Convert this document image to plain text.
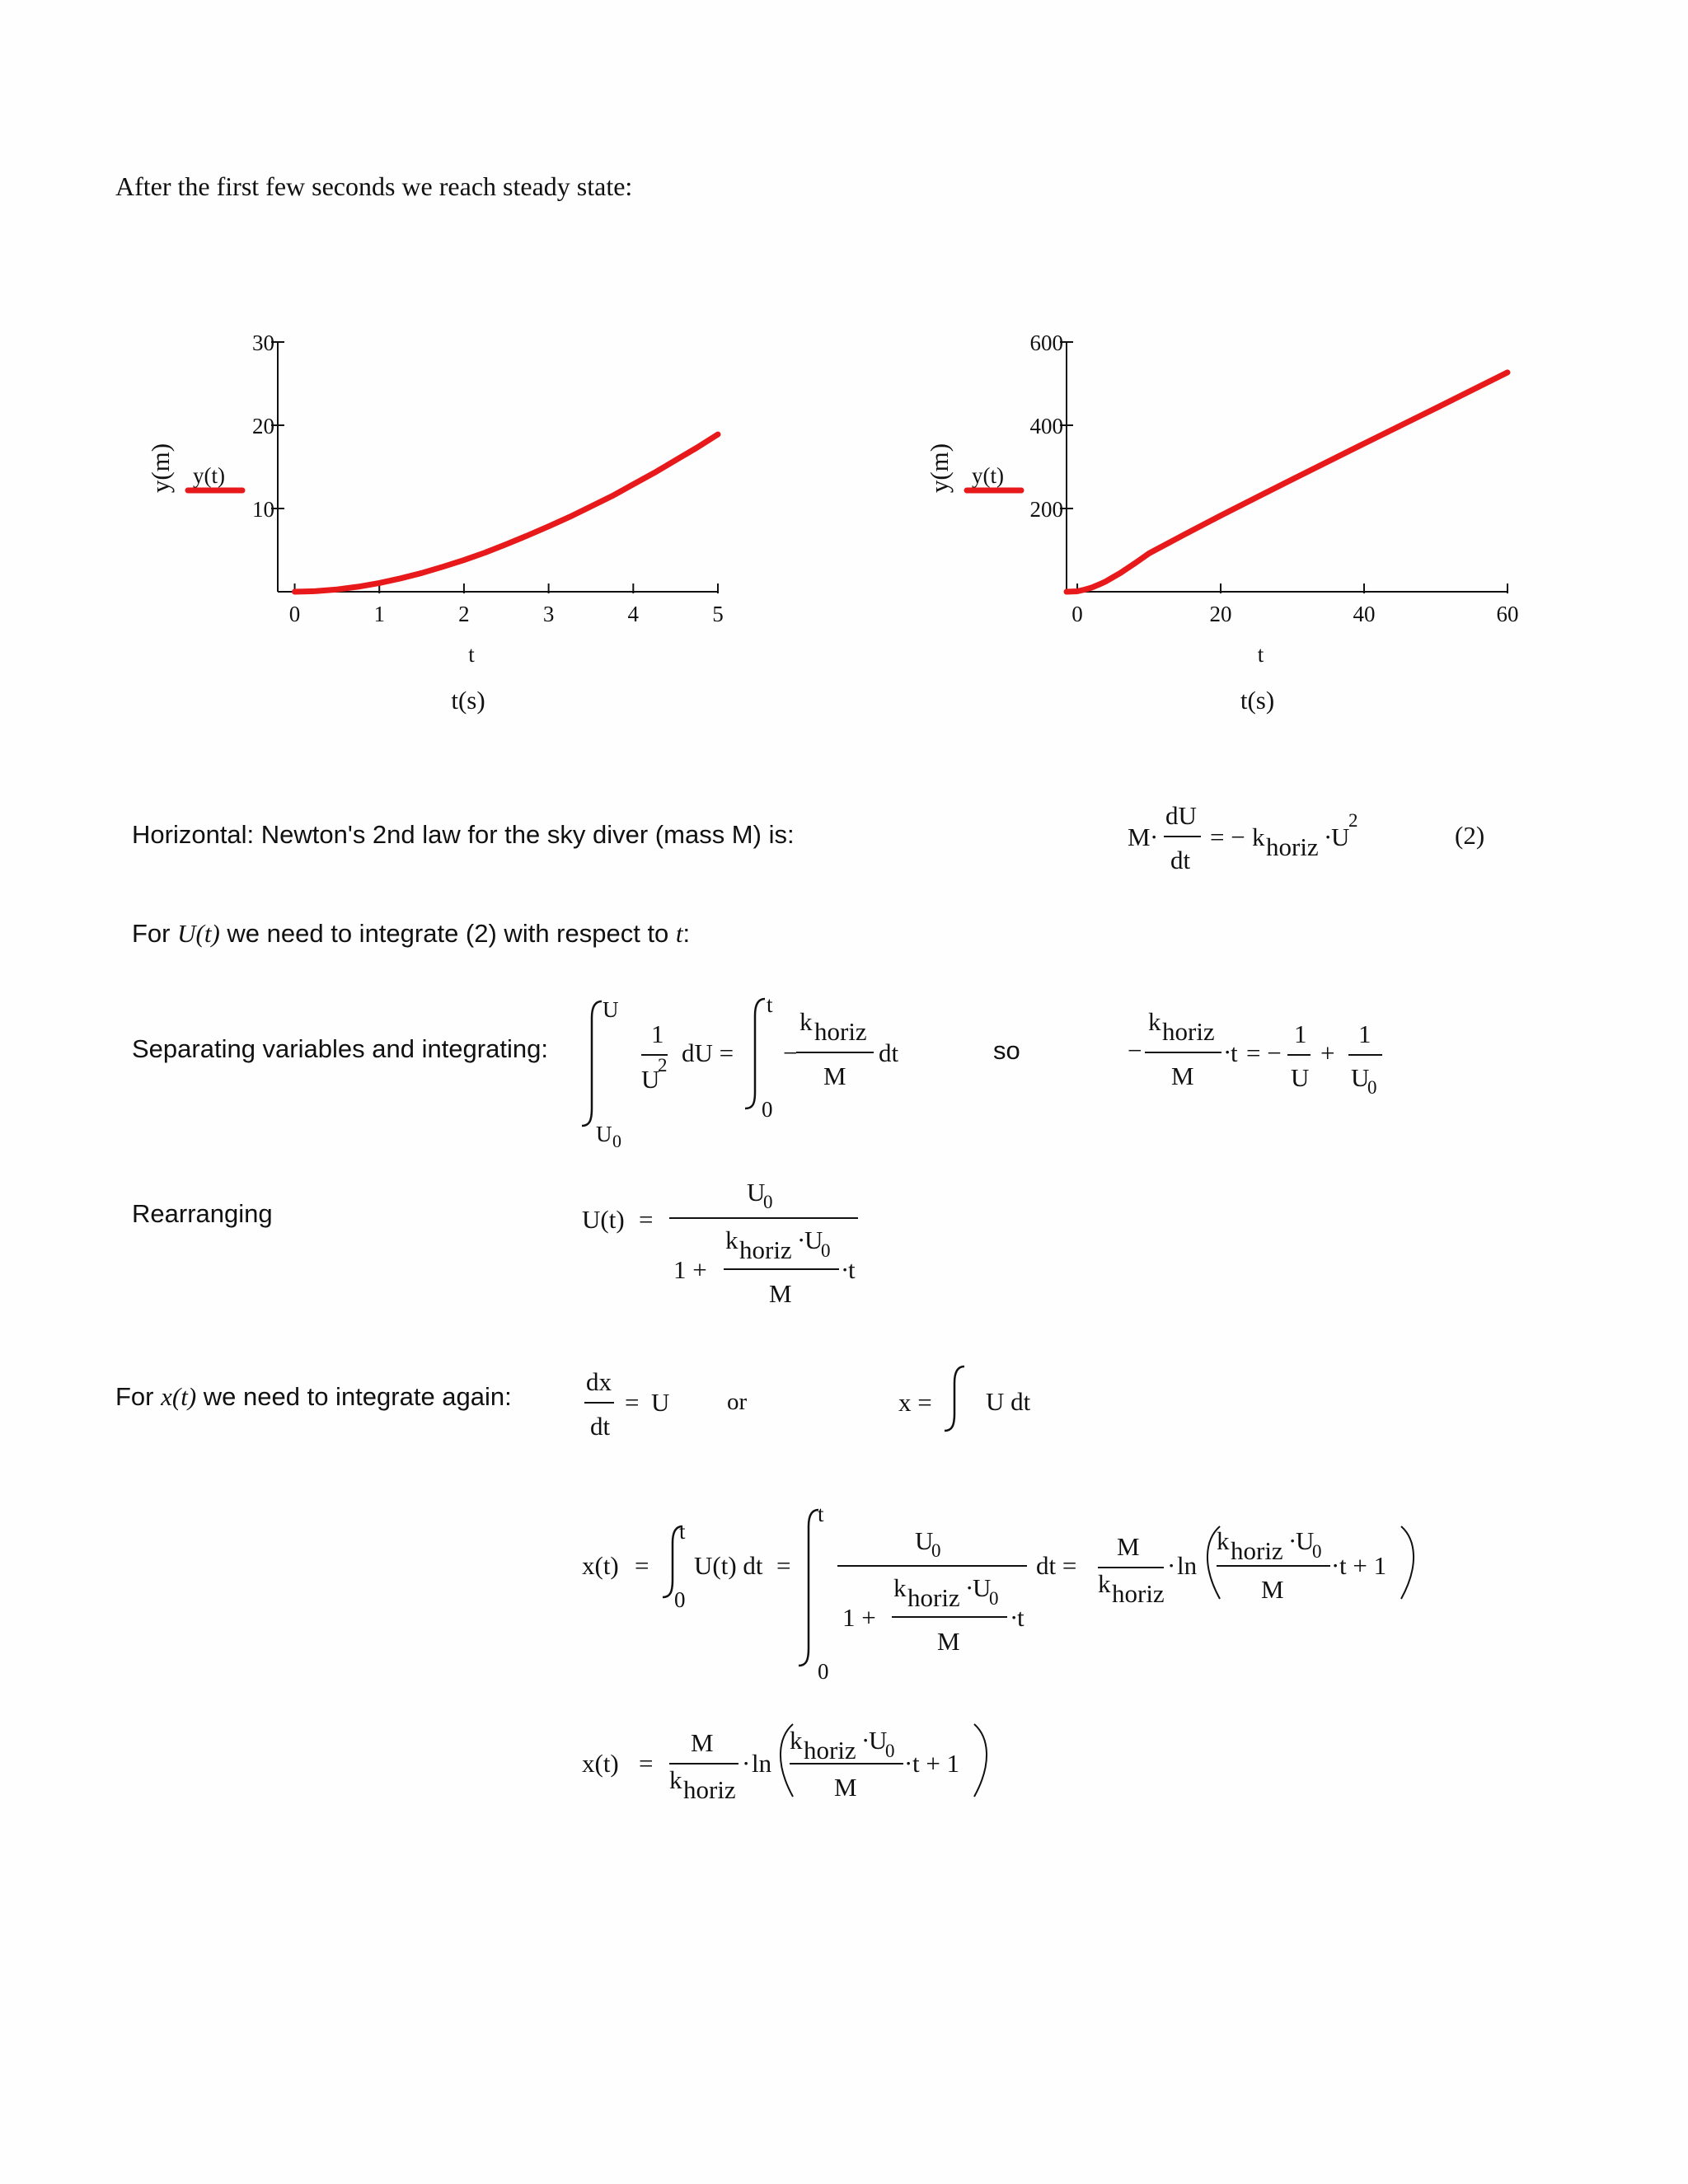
After the first few seconds we reach steady state:
10
20
30
0	1	2	3	4	5
y(t)
y(m)
t
t(s)
200
400
600
0	20	40	60
y(t)
y(m)
t
t(s)
Horizontal: Newton's 2nd law for the sky diver (mass M) is:
For U(t) we need to integrate (2) with respect to t:
Separating variables and integrating:
Rearranging
For x(t) we need to integrate again:
M ·
dU
dt
= − k horiz ·
U
2
(2)
U
U 0
1
U
2 dU =
t
0
−
k horiz
M
dt	so	−
k horiz
M
·
t = −
1
U
+
1
U
0
U(t) =
U
0
1 +
k horiz ·
U
0
M
·
t
dx
dt
= U or	x = U dt
x(t) =
t
0
U(t) dt =
t
0
U
0
1 +
k horiz ·
U
0
M
·
t
dt =
M
k horiz
· ln
k horiz ·
U
0
M
· t + 1
x(t) =
M
k horiz
· ln
k horiz ·
U
0
M
· t + 1
